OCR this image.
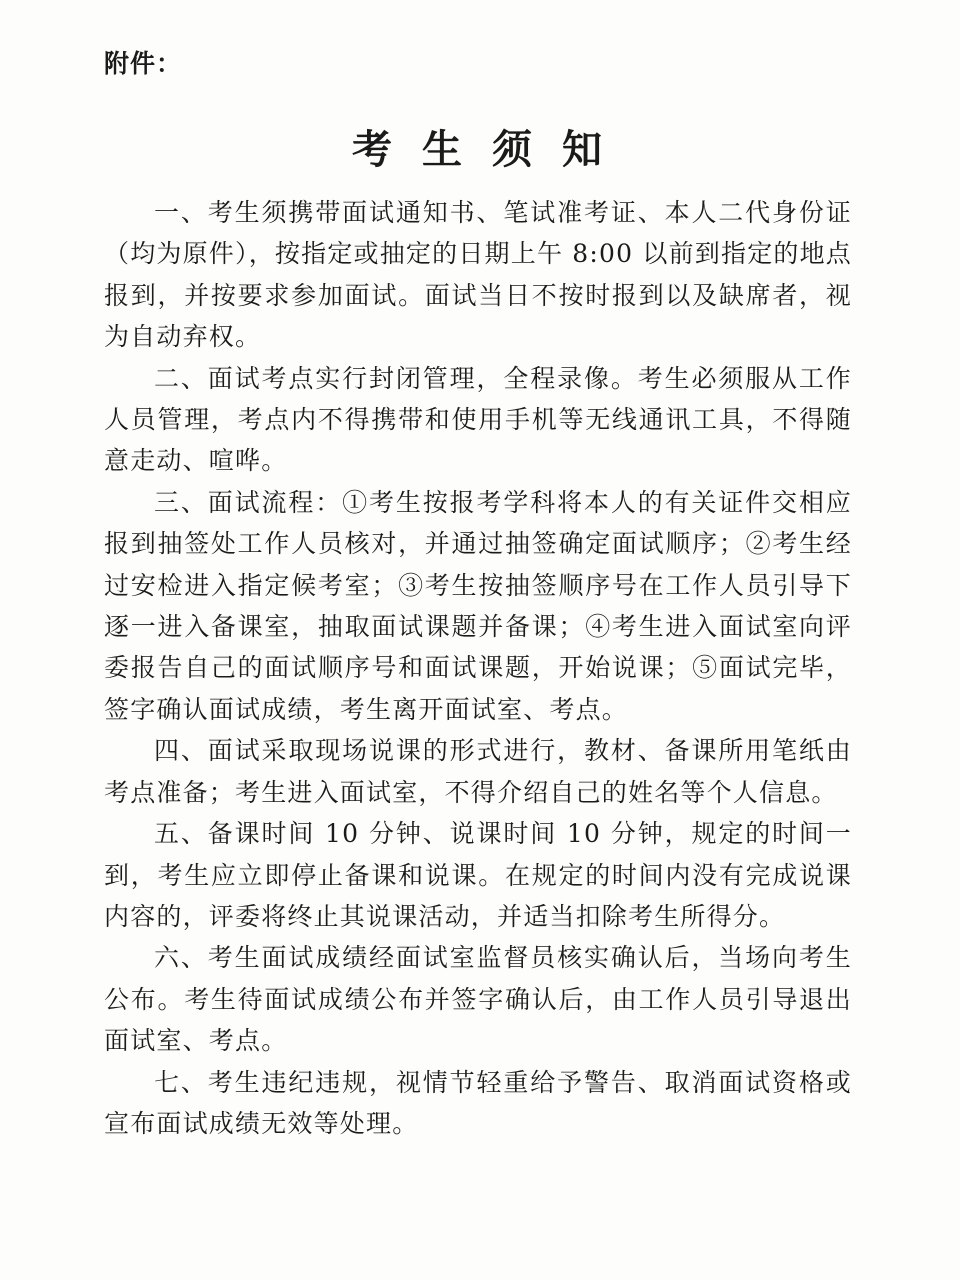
附件：
考生须知

一、考生须携带面试通知书、笔试准考证、本人二代身份证（均为原件），按指定或抽定的日期上午 8:00 以前到指定的地点报到，并按要求参加面试。面试当日不按时报到以及缺席者，视为自动弃权。

二、面试考点实行封闭管理，全程录像。考生必须服从工作人员管理，考点内不得携带和使用手机等无线通讯工具，不得随意走动、喧哗。

三、面试流程：①考生按报考学科将本人的有关证件交相应报到抽签处工作人员核对，并通过抽签确定面试顺序；②考生经过安检进入指定候考室；③考生按抽签顺序号在工作人员引导下逐一进入备课室，抽取面试课题并备课；④考生进入面试室向评委报告自己的面试顺序号和面试课题，开始说课；⑤面试完毕，签字确认面试成绩，考生离开面试室、考点。

四、面试采取现场说课的形式进行，教材、备课所用笔纸由考点准备；考生进入面试室，不得介绍自己的姓名等个人信息。

五、备课时间 10 分钟、说课时间 10 分钟，规定的时间一到，考生应立即停止备课和说课。在规定的时间内没有完成说课内容的，评委将终止其说课活动，并适当扣除考生所得分。

六、考生面试成绩经面试室监督员核实确认后，当场向考生公布。考生待面试成绩公布并签字确认后，由工作人员引导退出面试室、考点。

七、考生违纪违规，视情节轻重给予警告、取消面试资格或宣布面试成绩无效等处理。
